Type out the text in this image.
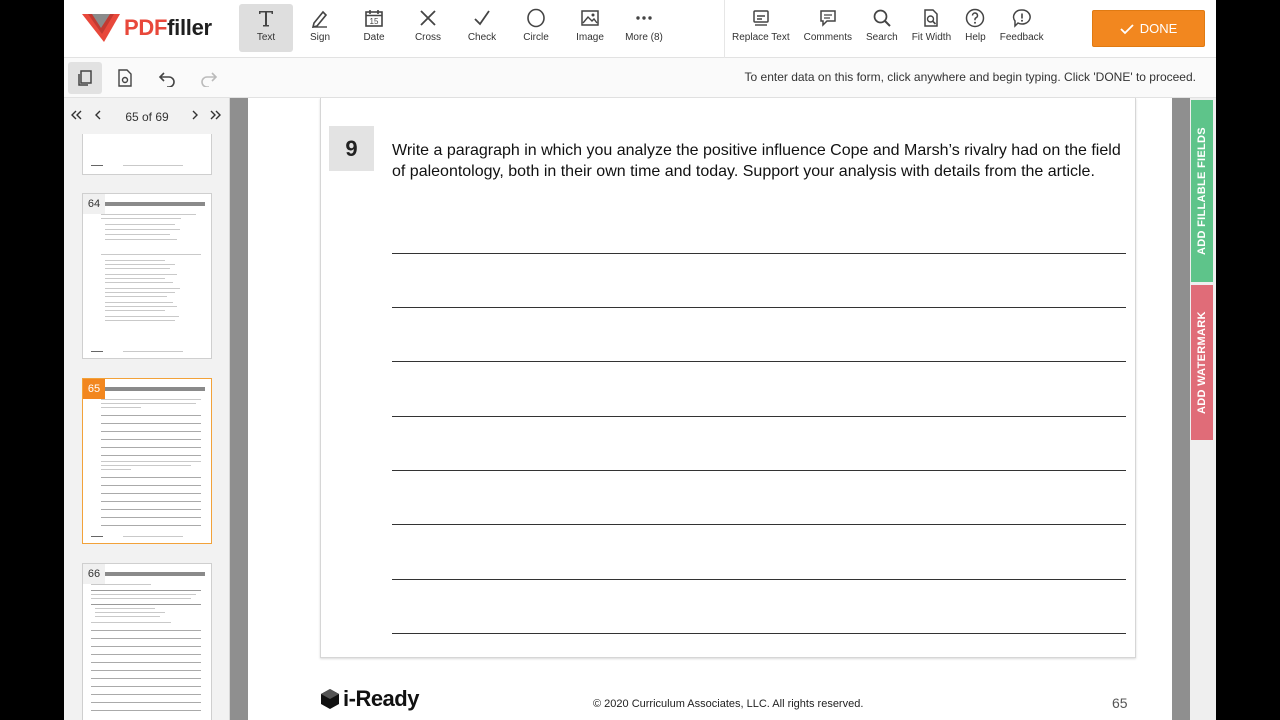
PDFfiller	Text	Sign
15
Date	Cross	Check	Circle	Image More (8)	Replace Text Comments Search Fit Width Help Feedback
DONE
To enter data on this form, click anywhere and begin typing. Click 'DONE' to proceed.
65 of 69
64
65
66
9	Write a paragraph in which you analyze the positive influence Cope and Marsh’s rivalry had on the field of paleontology, both in their own time and today. Support your analysis with details from the article.
i-Ready	© 2020 Curriculum Associates, LLC. All rights reserved.	65
ADD FILLABLE FIELDS
ADD WATERMARK
